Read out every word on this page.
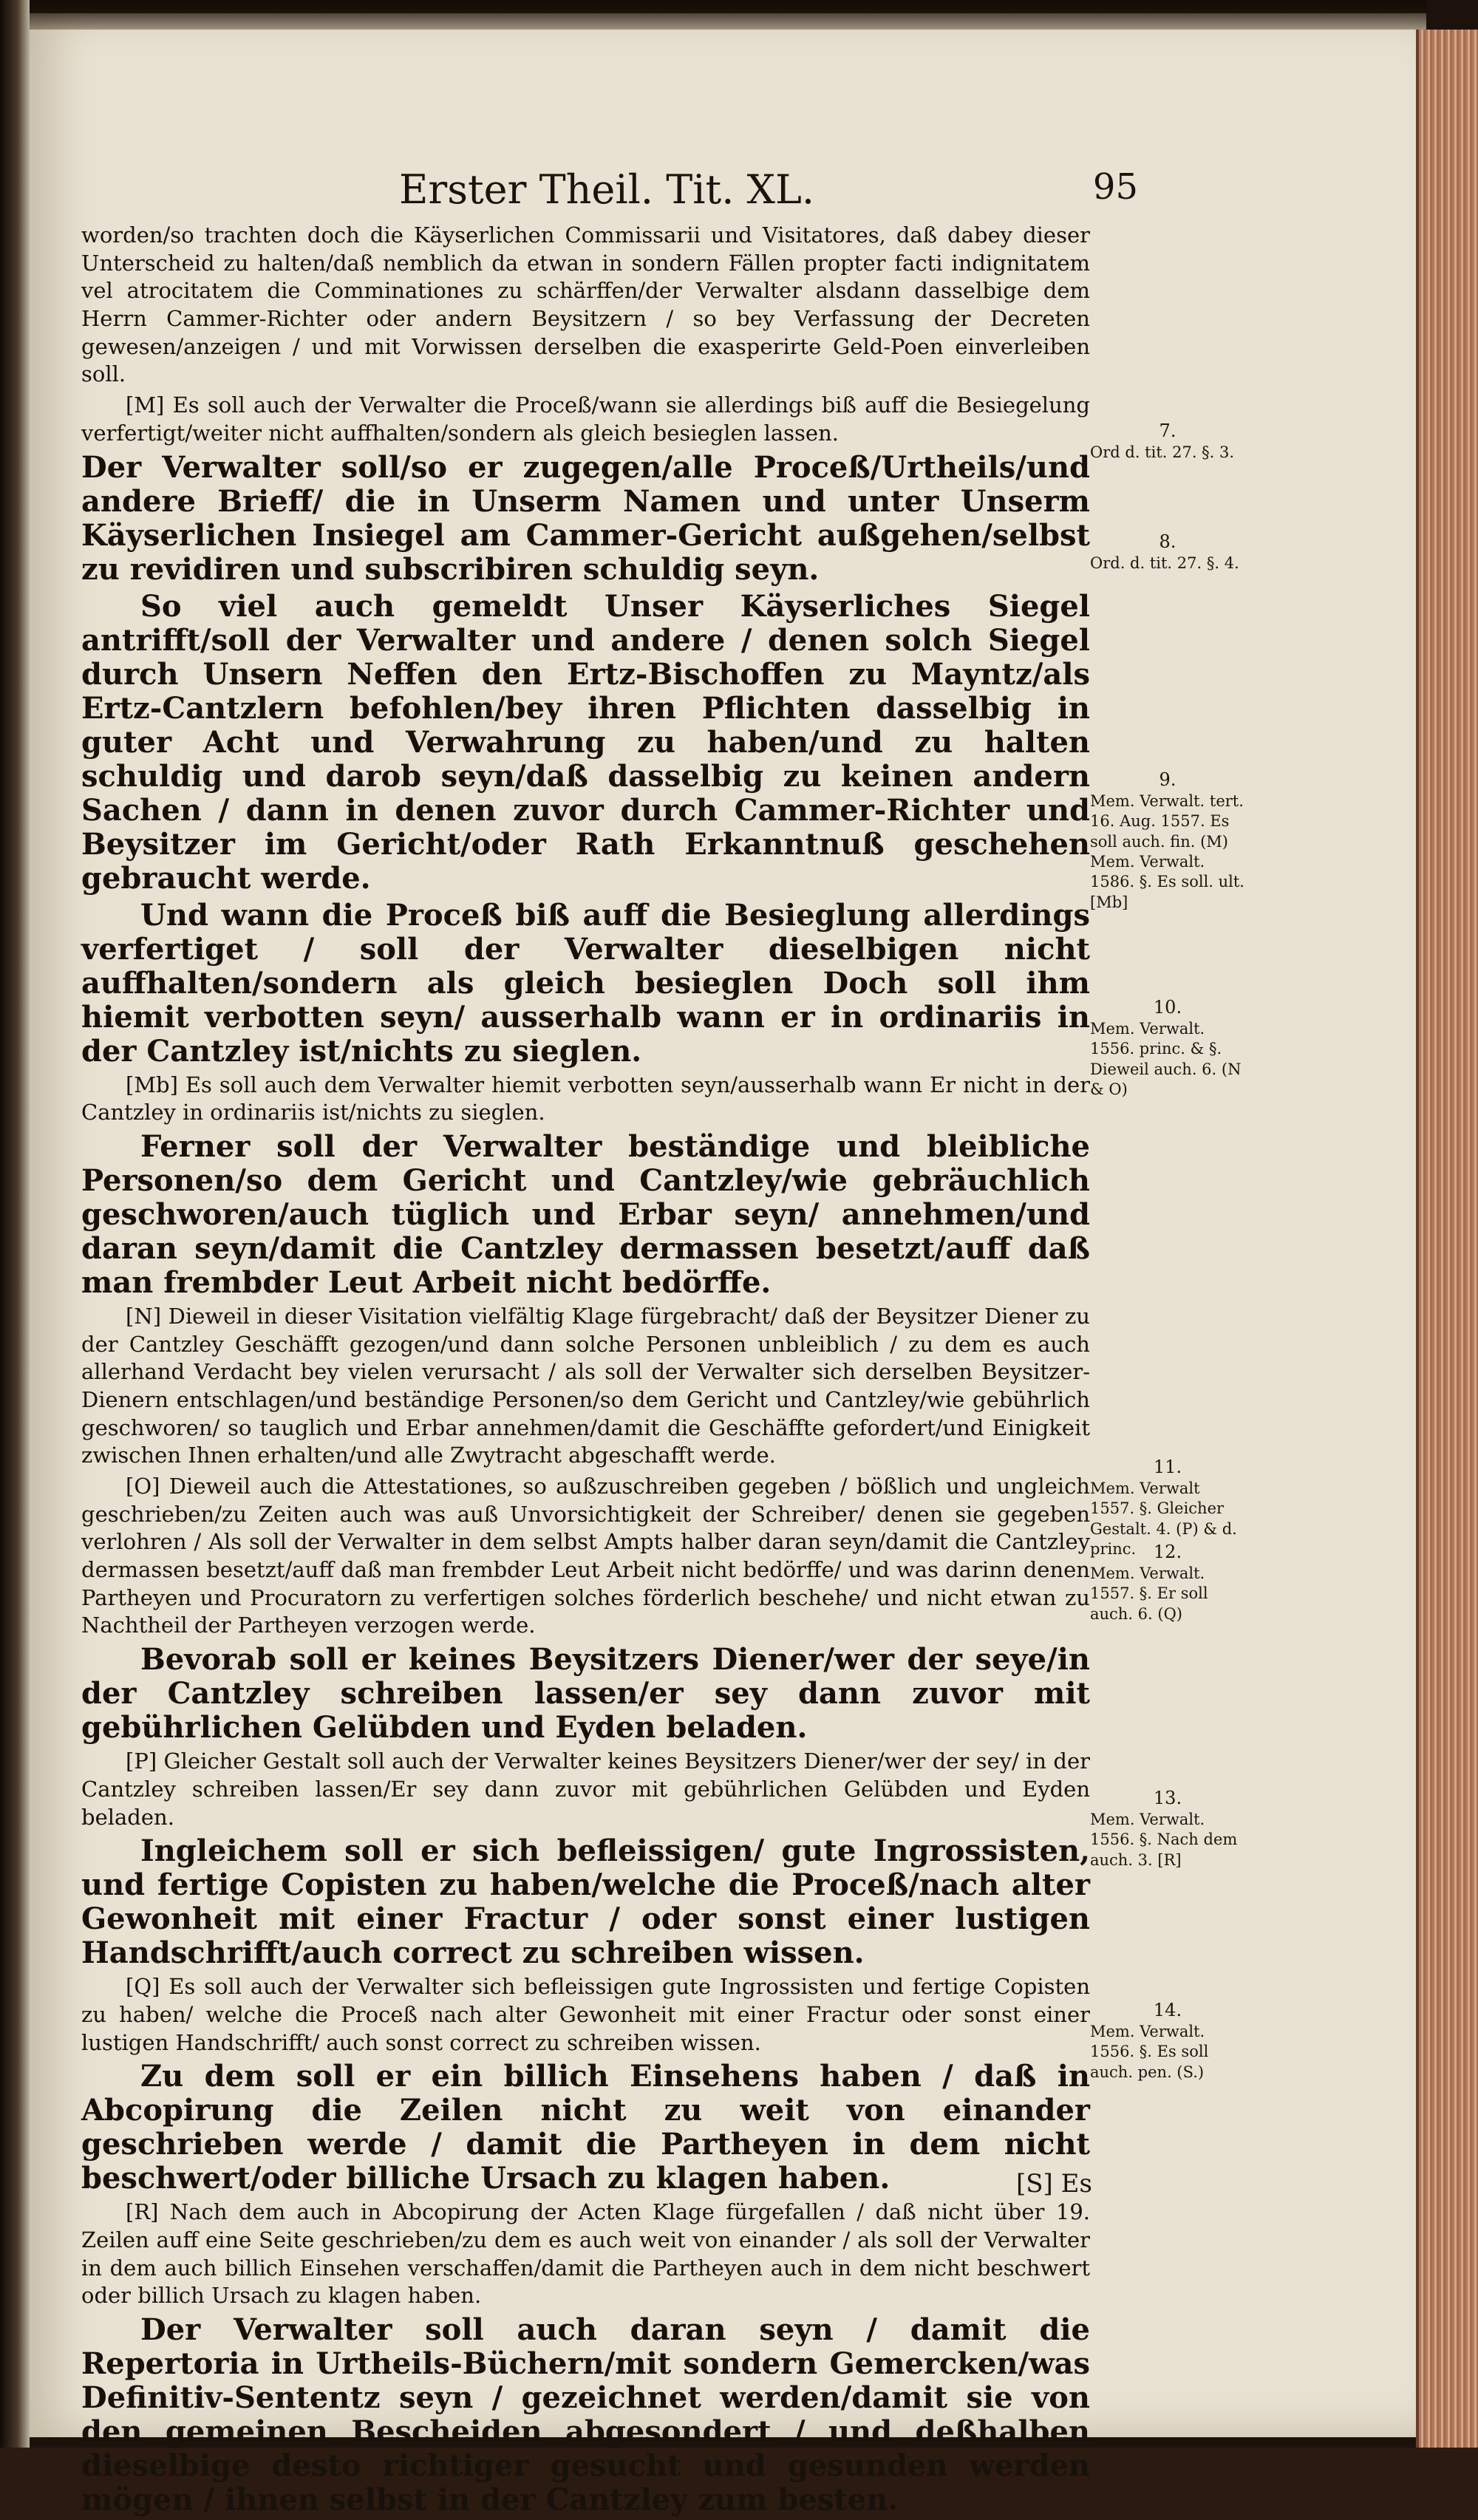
Erster Theil. Tit. XL.	95

worden/so trachten doch die Käyserlichen Commissarii und Visitatores, daß dabey dieser Unterscheid zu halten/daß nemblich da etwan in sondern Fällen propter facti indignitatem vel atrocitatem die Comminationes zu schärffen/der Verwalter alsdann dasselbige dem Herrn Cammer-Richter oder andern Beysitzern / so bey Verfassung der Decreten gewesen/anzeigen / und mit Vorwissen derselben die exasperirte Geld-Poen einverleiben soll.

[M] Es soll auch der Verwalter die Proceß/wann sie allerdings biß auff die Besiegelung verfertigt/weiter nicht auffhalten/sondern als gleich besieglen lassen.

Der Verwalter soll/so er zugegen/alle Proceß/Urtheils/und andere Brieff/ die in Unserm Namen und unter Unserm Käyserlichen Insiegel am Cammer-Gericht außgehen/selbst zu revidiren und subscribiren schuldig seyn.

So viel auch gemeldt Unser Käyserliches Siegel antrifft/soll der Verwalter und andere / denen solch Siegel durch Unsern Neffen den Ertz-Bischoffen zu Mayntz/als Ertz-Cantzlern befohlen/bey ihren Pflichten dasselbig in guter Acht und Verwahrung zu haben/und zu halten schuldig und darob seyn/daß dasselbig zu keinen andern Sachen / dann in denen zuvor durch Cammer-Richter und Beysitzer im Gericht/oder Rath Erkanntnuß geschehen gebraucht werde.

Und wann die Proceß biß auff die Besieglung allerdings verfertiget / soll der Verwalter dieselbigen nicht auffhalten/sondern als gleich besieglen Doch soll ihm hiemit verbotten seyn/ ausserhalb wann er in ordinariis in der Cantzley ist/nichts zu sieglen.

[Mb] Es soll auch dem Verwalter hiemit verbotten seyn/ausserhalb wann Er nicht in der Cantzley in ordinariis ist/nichts zu sieglen.

Ferner soll der Verwalter beständige und bleibliche Personen/so dem Gericht und Cantzley/wie gebräuchlich geschworen/auch tüglich und Erbar seyn/ annehmen/und daran seyn/damit die Cantzley dermassen besetzt/auff daß man frembder Leut Arbeit nicht bedörffe.

[N] Dieweil in dieser Visitation vielfältig Klage fürgebracht/ daß der Beysitzer Diener zu der Cantzley Geschäfft gezogen/und dann solche Personen unbleiblich / zu dem es auch allerhand Verdacht bey vielen verursacht / als soll der Verwalter sich derselben Beysitzer-Dienern entschlagen/und beständige Personen/so dem Gericht und Cantzley/wie gebührlich geschworen/ so tauglich und Erbar annehmen/damit die Geschäffte gefordert/und Einigkeit zwischen Ihnen erhalten/und alle Zwytracht abgeschafft werde.

[O] Dieweil auch die Attestationes, so außzuschreiben gegeben / bößlich und ungleich geschrieben/zu Zeiten auch was auß Unvorsichtigkeit der Schreiber/ denen sie gegeben verlohren / Als soll der Verwalter in dem selbst Ampts halber daran seyn/damit die Cantzley dermassen besetzt/auff daß man frembder Leut Arbeit nicht bedörffe/ und was darinn denen Partheyen und Procuratorn zu verfertigen solches förderlich beschehe/ und nicht etwan zu Nachtheil der Partheyen verzogen werde.

Bevorab soll er keines Beysitzers Diener/wer der seye/in der Cantzley schreiben lassen/er sey dann zuvor mit gebührlichen Gelübden und Eyden beladen.

[P] Gleicher Gestalt soll auch der Verwalter keines Beysitzers Diener/wer der sey/ in der Cantzley schreiben lassen/Er sey dann zuvor mit gebührlichen Gelübden und Eyden beladen.

Ingleichem soll er sich befleissigen/ gute Ingrossisten, und fertige Copisten zu haben/welche die Proceß/nach alter Gewonheit mit einer Fractur / oder sonst einer lustigen Handschrifft/auch correct zu schreiben wissen.

[Q] Es soll auch der Verwalter sich befleissigen gute Ingrossisten und fertige Copisten zu haben/ welche die Proceß nach alter Gewonheit mit einer Fractur oder sonst einer lustigen Handschrifft/ auch sonst correct zu schreiben wissen.

Zu dem soll er ein billich Einsehens haben / daß in Abcopirung die Zeilen nicht zu weit von einander geschrieben werde / damit die Partheyen in dem nicht beschwert/oder billiche Ursach zu klagen haben.

[R] Nach dem auch in Abcopirung der Acten Klage fürgefallen / daß nicht über 19. Zeilen auff eine Seite geschrieben/zu dem es auch weit von einander / als soll der Verwalter in dem auch billich Einsehen verschaffen/damit die Partheyen auch in dem nicht beschwert oder billich Ursach zu klagen haben.

Der Verwalter soll auch daran seyn / damit die Repertoria in Urtheils-Büchern/mit sondern Gemercken/was Definitiv-Sententz seyn / gezeichnet werden/damit sie von den gemeinen Bescheiden abgesondert / und deßhalben dieselbige desto richtiger gesucht und gesunden werden mögen / ihnen selbst in der Cantzley zum besten.

7.
Ord d. tit. 27. §. 3.
8.
Ord. d. tit. 27. §. 4.
9.
Mem. Verwalt. tert. 16. Aug. 1557. Es soll auch. fin. (M) Mem. Verwalt. 1586. §. Es soll. ult. [Mb]
10.
Mem. Verwalt. 1556. princ. & §. Dieweil auch. 6. (N & O)
11.
Mem. Verwalt 1557. §. Gleicher Gestalt. 4. (P) & d. princ. 12.
Mem. Verwalt. 1557. §. Er soll auch. 6. (Q)
13.
Mem. Verwalt. 1556. §. Nach dem auch. 3. [R]
14.
Mem. Verwalt. 1556. §. Es soll auch. pen. (S.)
[S] Es
